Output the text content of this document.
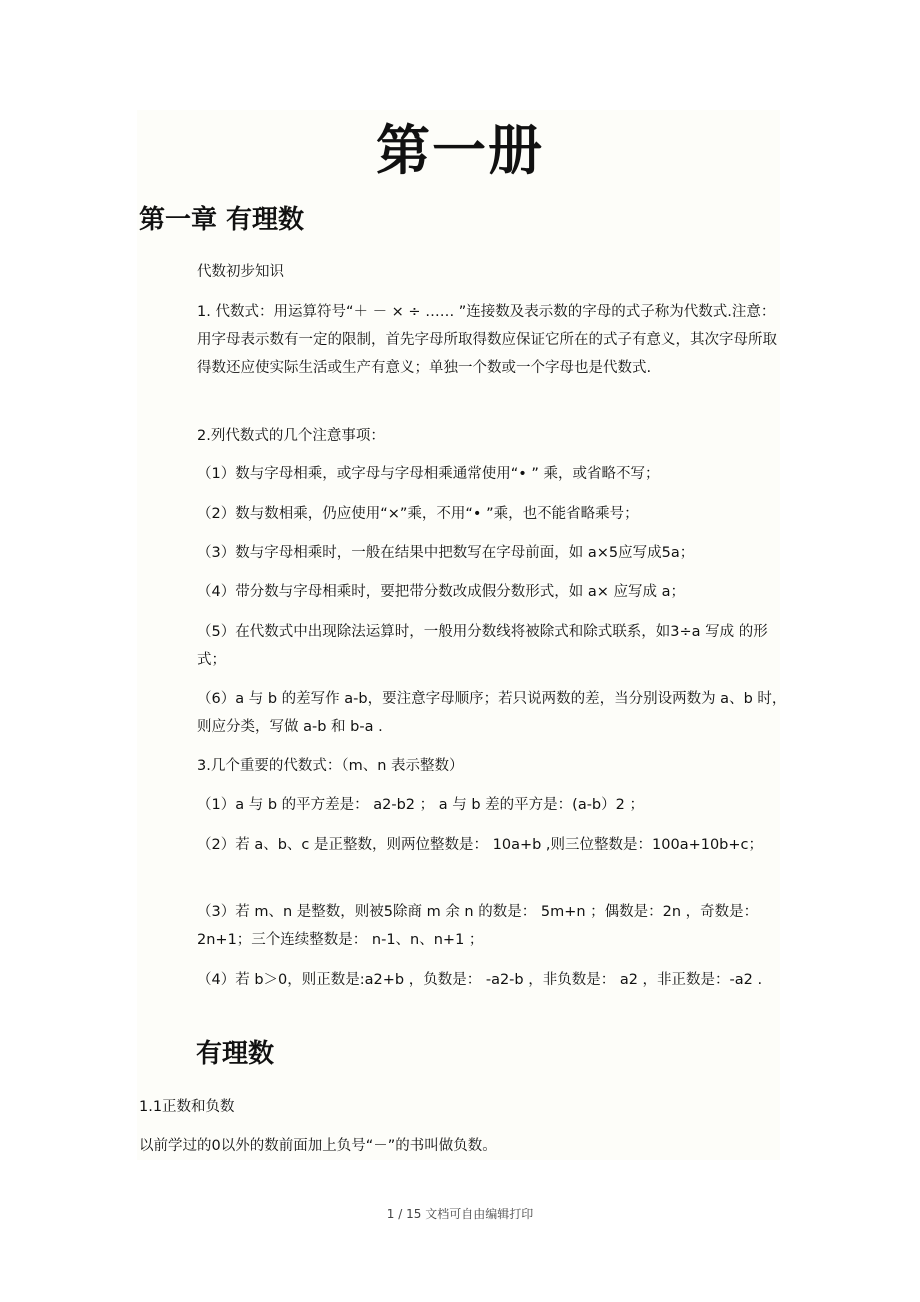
第一册
第一章 有理数
代数初步知识
1. 代数式：用运算符号“＋ － × ÷ …… ”连接数及表示数的字母的式子称为代数式.注意：用字母表示数有一定的限制，首先字母所取得数应保证它所在的式子有意义，其次字母所取得数还应使实际生活或生产有意义；单独一个数或一个字母也是代数式.
2.列代数式的几个注意事项：
（1）数与字母相乘，或字母与字母相乘通常使用“• ” 乘，或省略不写；
（2）数与数相乘，仍应使用“×”乘，不用“• ”乘，也不能省略乘号；
（3）数与字母相乘时，一般在结果中把数写在字母前面，如 a×5应写成5a；
（4）带分数与字母相乘时，要把带分数改成假分数形式，如 a× 应写成 a；
（5）在代数式中出现除法运算时，一般用分数线将被除式和除式联系，如3÷a 写成 的形式；
（6）a 与 b 的差写作 a-b，要注意字母顺序；若只说两数的差，当分别设两数为 a、b 时，则应分类，写做 a-b 和 b-a .
3.几个重要的代数式：（m、n 表示整数）
（1）a 与 b 的平方差是： a2-b2 ； a 与 b 差的平方是：(a-b）2 ；
（2）若 a、b、c 是正整数，则两位整数是： 10a+b ,则三位整数是：100a+10b+c；
（3）若 m、n 是整数，则被5除商 m 余 n 的数是： 5m+n ；偶数是：2n ，奇数是：2n+1；三个连续整数是： n-1、n、n+1 ；
（4）若 b＞0，则正数是:a2+b ，负数是： -a2-b ，非负数是： a2 ，非正数是：-a2 .
有理数
1.1正数和负数
以前学过的0以外的数前面加上负号“－”的书叫做负数。
1 / 15 文档可自由编辑打印
